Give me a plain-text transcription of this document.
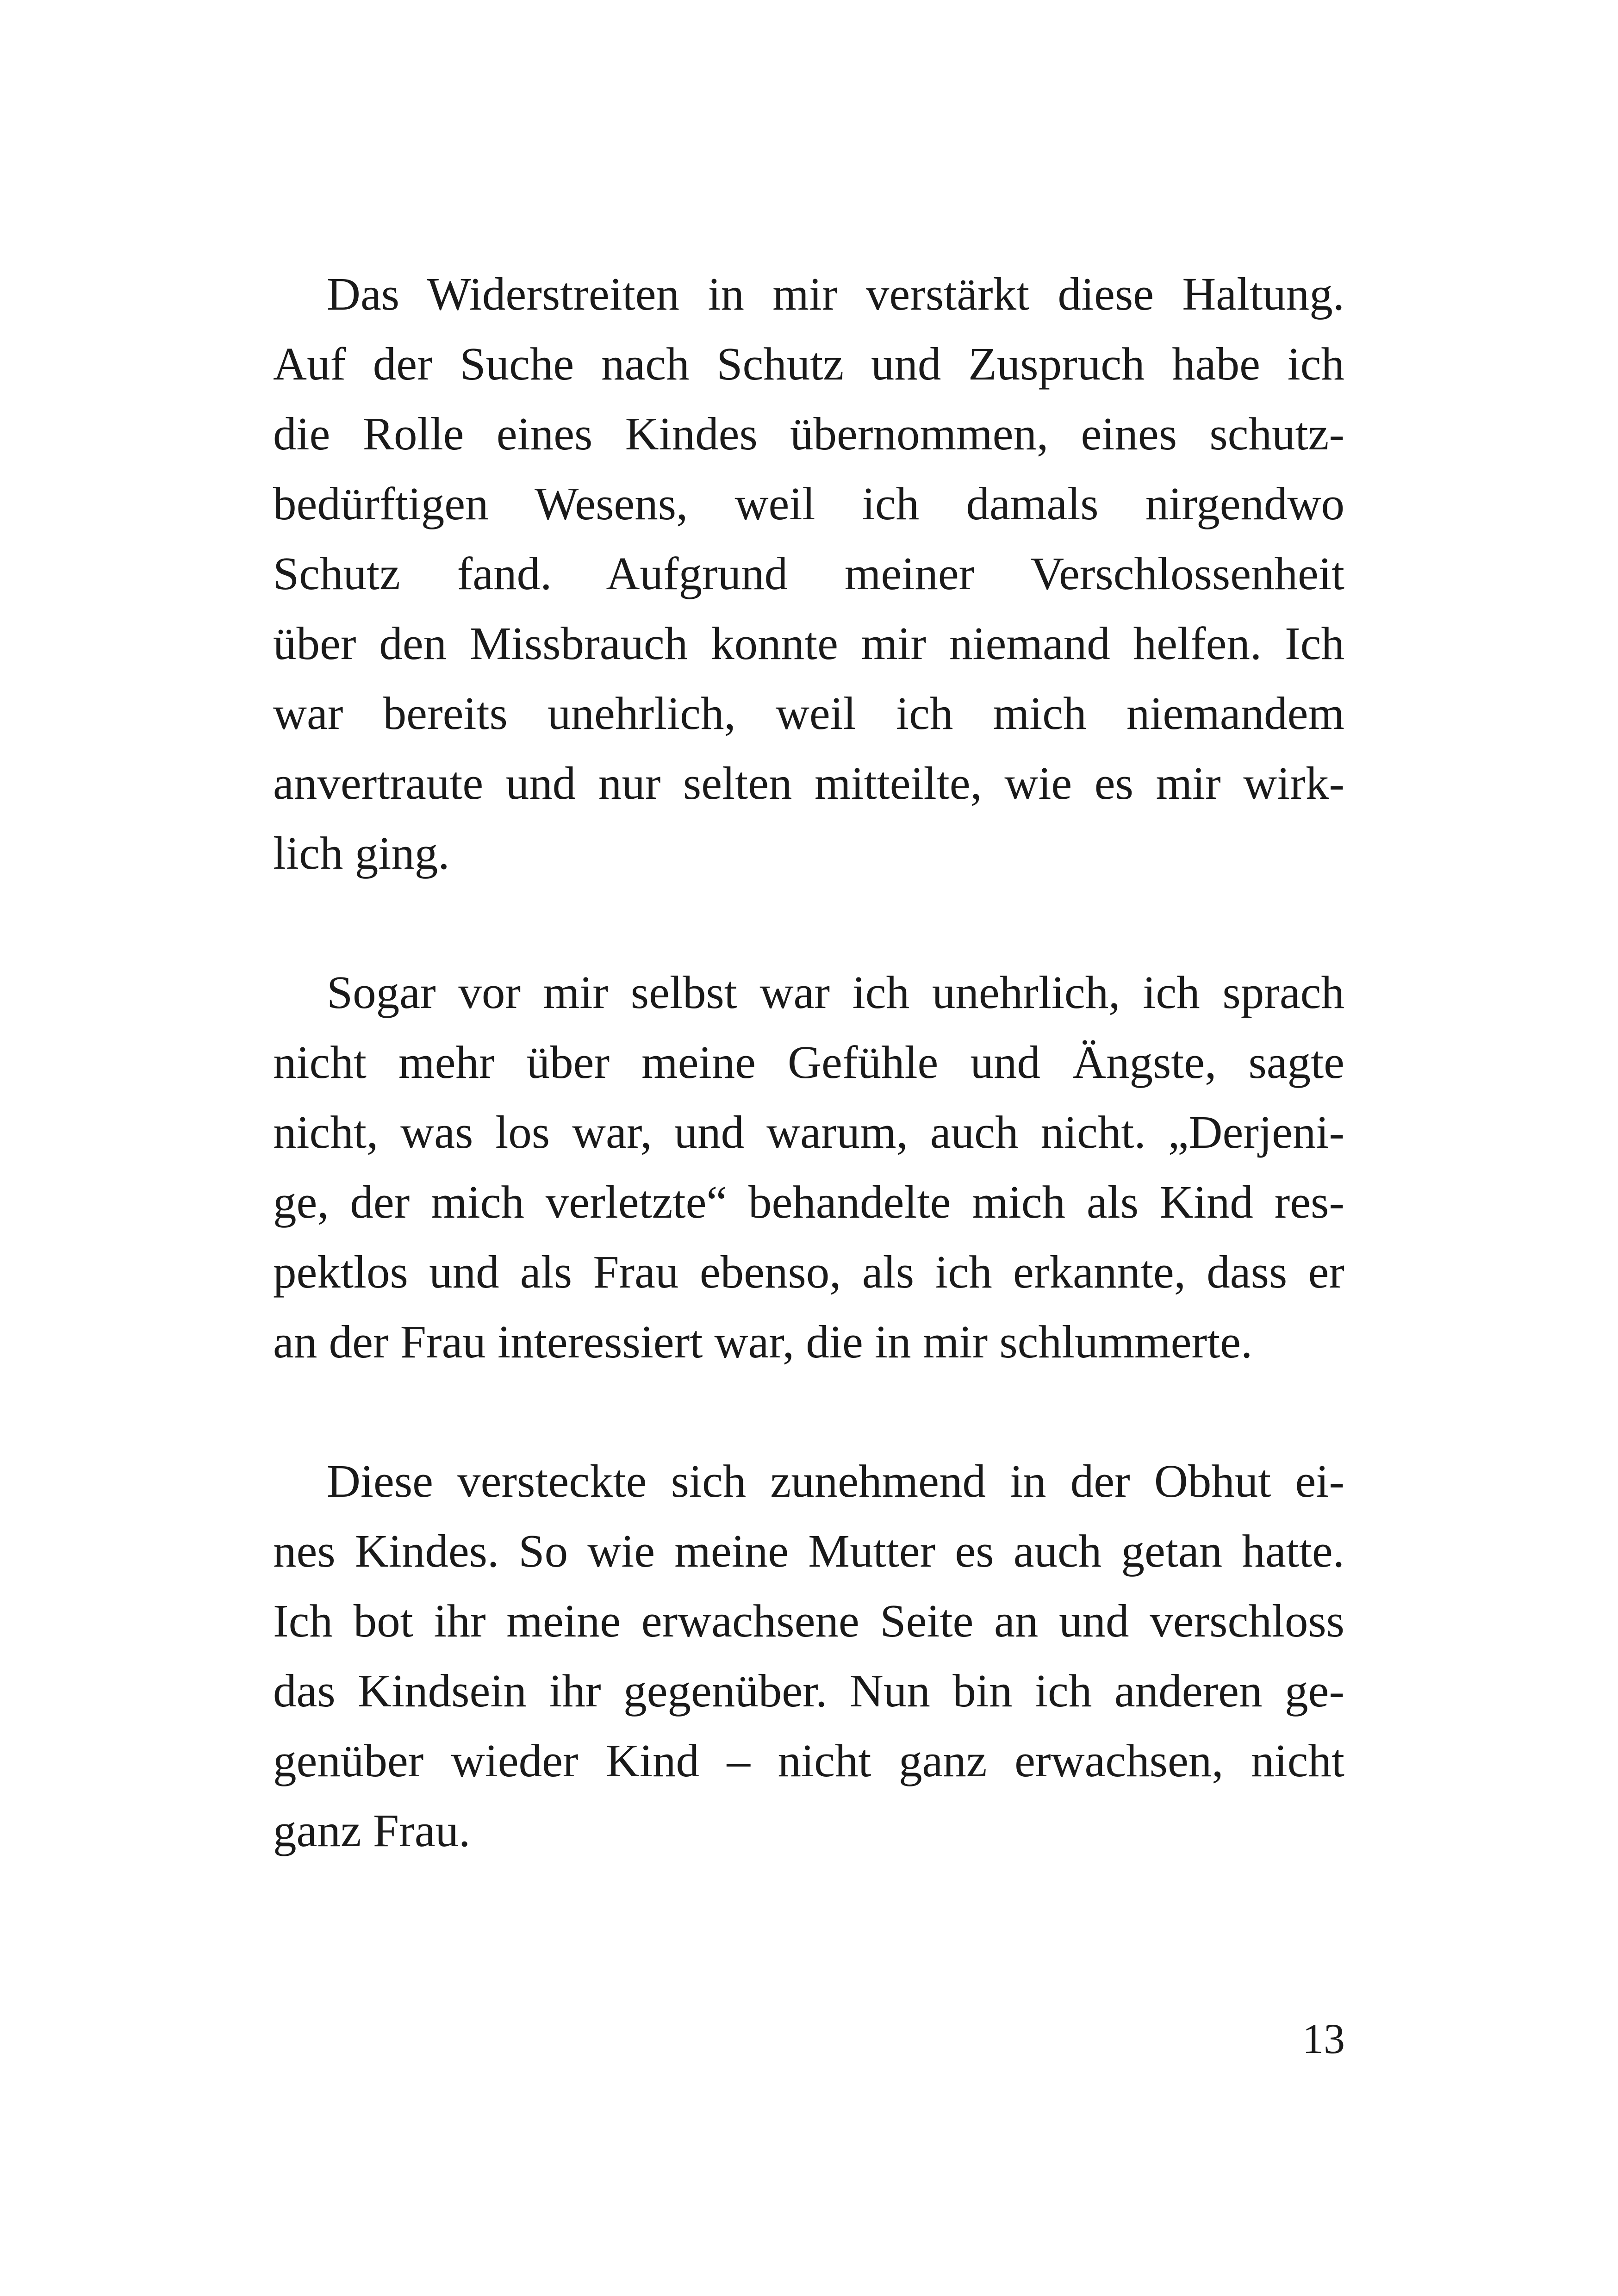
Das Widerstreiten in mir verstärkt diese Haltung.
Auf der Suche nach Schutz und Zuspruch habe ich
die Rolle eines Kindes übernommen, eines schutz-
bedürftigen Wesens, weil ich damals nirgendwo
Schutz fand. Aufgrund meiner Verschlossenheit
über den Missbrauch konnte mir niemand helfen. Ich
war bereits unehrlich, weil ich mich niemandem
anvertraute und nur selten mitteilte, wie es mir wirk-
lich ging.

Sogar vor mir selbst war ich unehrlich, ich sprach
nicht mehr über meine Gefühle und Ängste, sagte
nicht, was los war, und warum, auch nicht. „Derjeni-
ge, der mich verletzte“ behandelte mich als Kind res-
pektlos und als Frau ebenso, als ich erkannte, dass er
an der Frau interessiert war, die in mir schlummerte.

Diese versteckte sich zunehmend in der Obhut ei-
nes Kindes. So wie meine Mutter es auch getan hatte.
Ich bot ihr meine erwachsene Seite an und verschloss
das Kindsein ihr gegenüber. Nun bin ich anderen ge-
genüber wieder Kind – nicht ganz erwachsen, nicht
ganz Frau.

13
